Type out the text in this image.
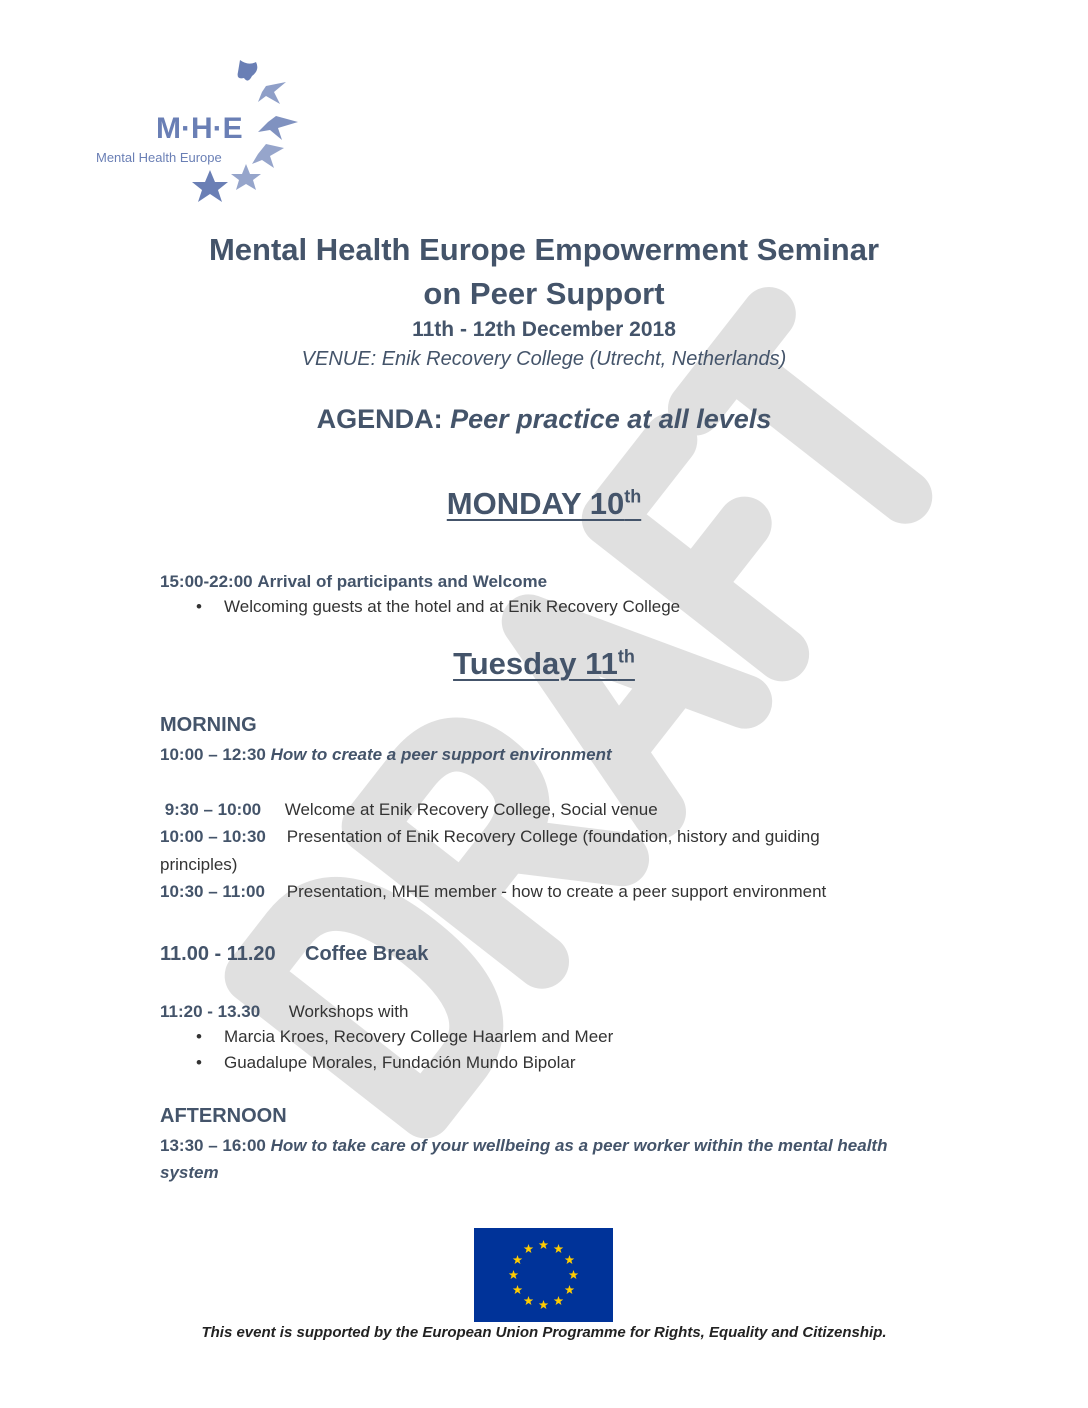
M·H·E
Mental Health Europe
Mental Health Europe Empowerment Seminar
on Peer Support
11th - 12th December 2018
VENUE: Enik Recovery College (Utrecht, Netherlands)
AGENDA: Peer practice at all levels
MONDAY 10th
15:00-22:00 Arrival of participants and Welcome
• Welcoming guests at the hotel and at Enik Recovery College
Tuesday 11th
MORNING
10:00 – 12:30 How to create a peer support environment
9:30 – 10:00 Welcome at Enik Recovery College, Social venue
10:00 – 10:30 Presentation of Enik Recovery College (foundation, history and guiding
principles)
10:30 – 11:00 Presentation, MHE member - how to create a peer support environment
11.00 - 11.20 Coffee Break
11:20 - 13.30 Workshops with
• Marcia Kroes, Recovery College Haarlem and Meer
• Guadalupe Morales, Fundación Mundo Bipolar
AFTERNOON
13:30 – 16:00 How to take care of your wellbeing as a peer worker within the mental health
system
This event is supported by the European Union Programme for Rights, Equality and Citizenship.
